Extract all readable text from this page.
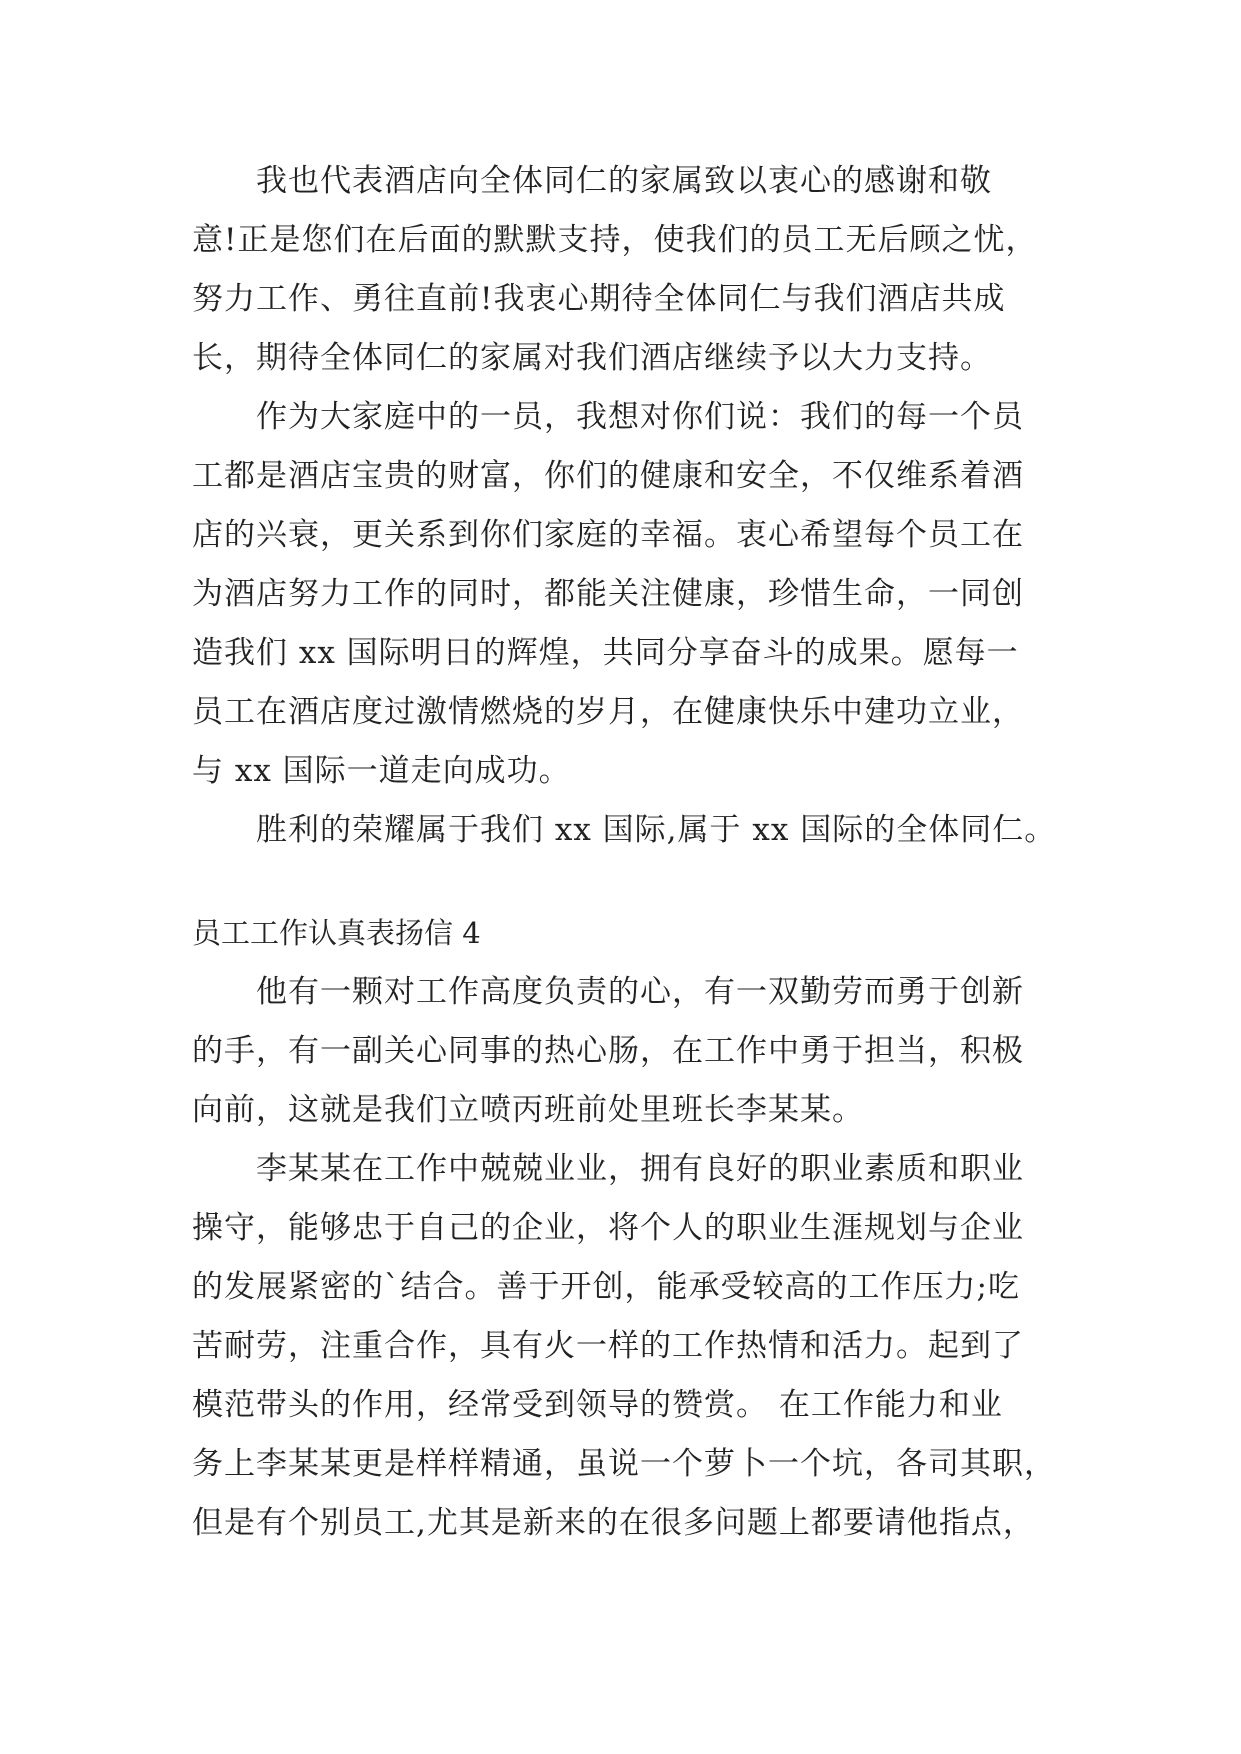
我也代表酒店向全体同仁的家属致以衷心的感谢和敬
意!正是您们在后面的默默支持，使我们的员工无后顾之忧，
努力工作、勇往直前!我衷心期待全体同仁与我们酒店共成
长，期待全体同仁的家属对我们酒店继续予以大力支持。
作为大家庭中的一员，我想对你们说：我们的每一个员
工都是酒店宝贵的财富，你们的健康和安全，不仅维系着酒
店的兴衰，更关系到你们家庭的幸福。衷心希望每个员工在
为酒店努力工作的同时，都能关注健康，珍惜生命，一同创
造我们 xx 国际明日的辉煌，共同分享奋斗的成果。愿每一
员工在酒店度过激情燃烧的岁月，在健康快乐中建功立业，
与 xx 国际一道走向成功。
胜利的荣耀属于我们 xx 国际,属于 xx 国际的全体同仁。
员工工作认真表扬信 4
他有一颗对工作高度负责的心，有一双勤劳而勇于创新
的手，有一副关心同事的热心肠，在工作中勇于担当，积极
向前，这就是我们立喷丙班前处里班长李某某。
李某某在工作中兢兢业业，拥有良好的职业素质和职业
操守，能够忠于自己的企业，将个人的职业生涯规划与企业
的发展紧密的`结合。善于开创，能承受较高的工作压力;吃
苦耐劳，注重合作，具有火一样的工作热情和活力。起到了
模范带头的作用，经常受到领导的赞赏。 在工作能力和业
务上李某某更是样样精通，虽说一个萝卜一个坑，各司其职，
但是有个别员工,尤其是新来的在很多问题上都要请他指点，
